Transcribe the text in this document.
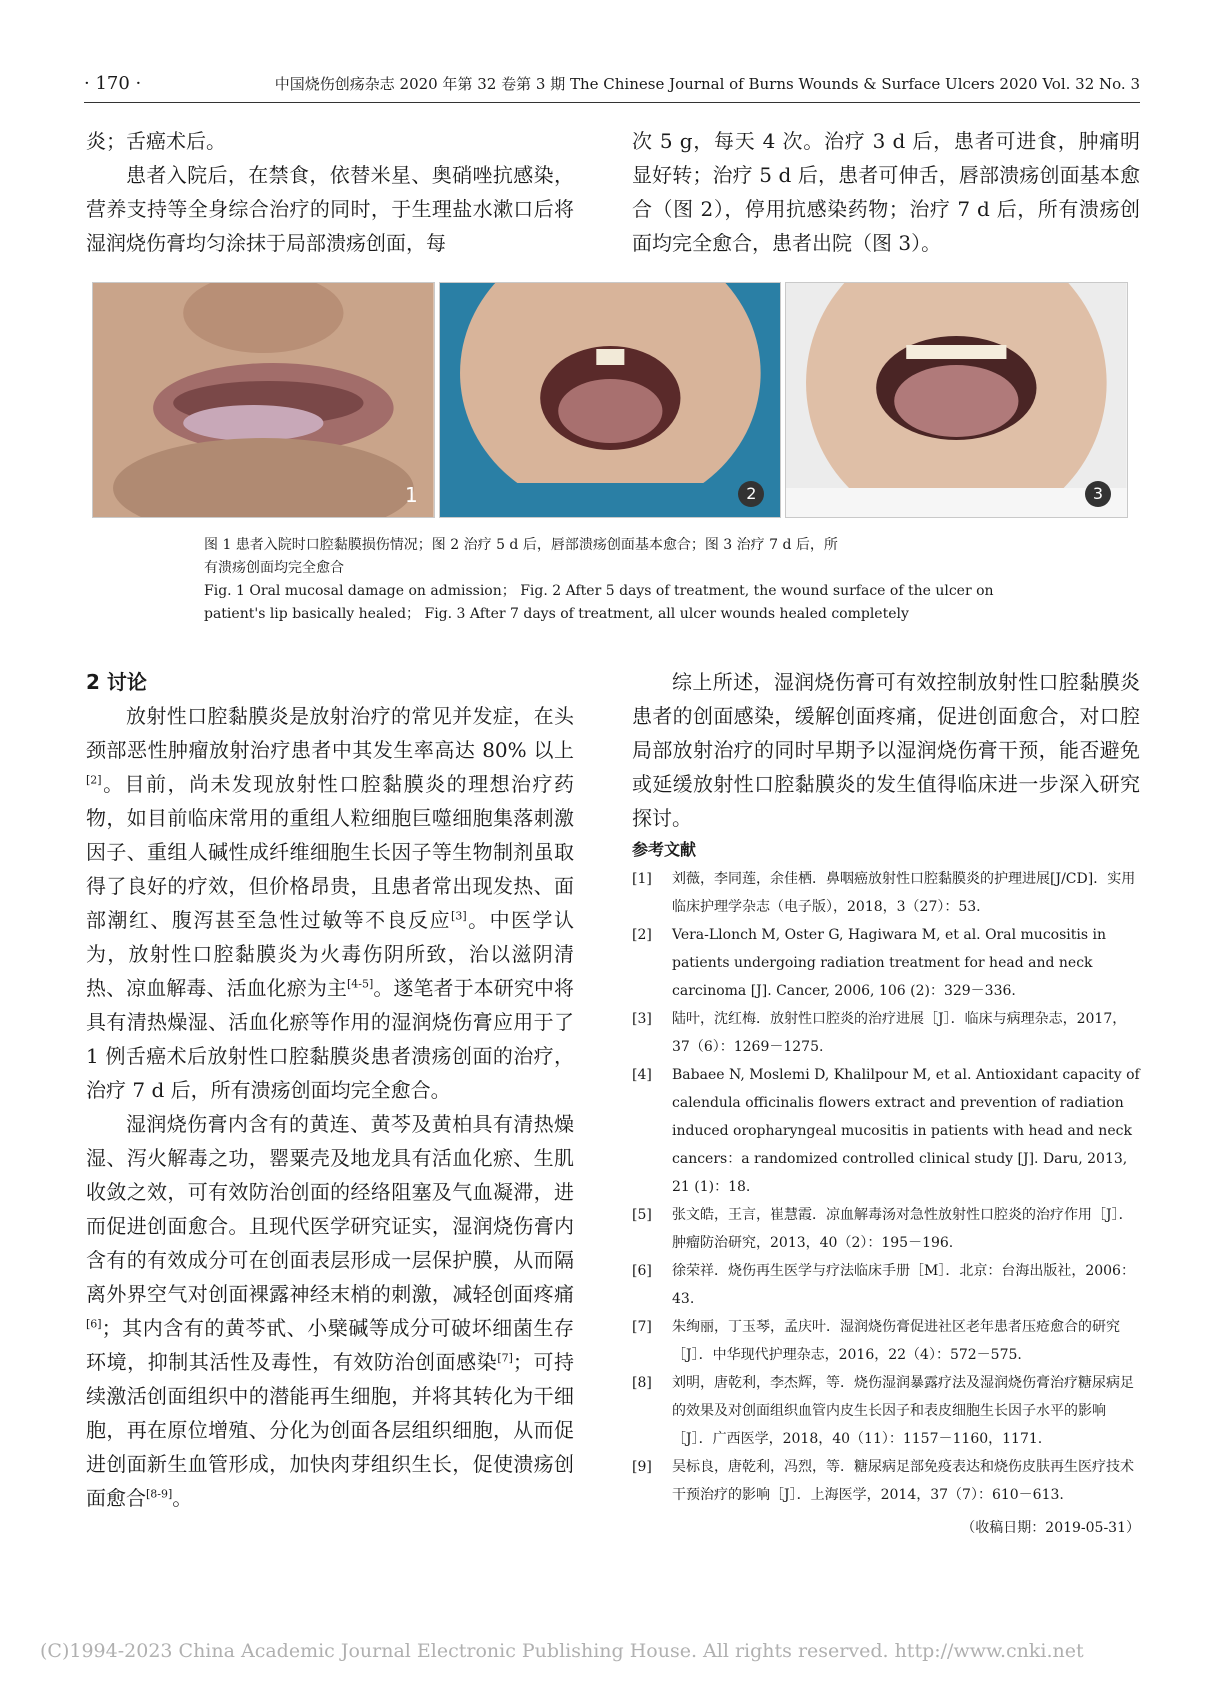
· 170 ·	中国烧伤创疡杂志 2020 年第 32 卷第 3 期 The Chinese Journal of Burns Wounds & Surface Ulcers 2020 Vol. 32 No. 3

炎；舌癌术后。

患者入院后，在禁食，依替米星、奥硝唑抗感染，营养支持等全身综合治疗的同时，于生理盐水漱口后将湿润烧伤膏均匀涂抹于局部溃疡创面，每

次 5 g，每天 4 次。治疗 3 d 后，患者可进食，肿痛明显好转；治疗 5 d 后，患者可伸舌，唇部溃疡创面基本愈合（图 2），停用抗感染药物；治疗 7 d 后，所有溃疡创面均完全愈合，患者出院（图 3）。

1	2	3

图 1 患者入院时口腔黏膜损伤情况；图 2 治疗 5 d 后，唇部溃疡创面基本愈合；图 3 治疗 7 d 后，所

有溃疡创面均完全愈合

Fig. 1 Oral mucosal damage on admission； Fig. 2 After 5 days of treatment, the wound surface of the ulcer on

patient's lip basically healed； Fig. 3 After 7 days of treatment, all ulcer wounds healed completely

2 讨论

放射性口腔黏膜炎是放射治疗的常见并发症，在头颈部恶性肿瘤放射治疗患者中其发生率高达 80% 以上[2]。目前，尚未发现放射性口腔黏膜炎的理想治疗药物，如目前临床常用的重组人粒细胞巨噬细胞集落刺激因子、重组人碱性成纤维细胞生长因子等生物制剂虽取得了良好的疗效，但价格昂贵，且患者常出现发热、面部潮红、腹泻甚至急性过敏等不良反应[3]。中医学认为，放射性口腔黏膜炎为火毒伤阴所致，治以滋阴清热、凉血解毒、活血化瘀为主[4-5]。遂笔者于本研究中将具有清热燥湿、活血化瘀等作用的湿润烧伤膏应用于了 1 例舌癌术后放射性口腔黏膜炎患者溃疡创面的治疗，治疗 7 d 后，所有溃疡创面均完全愈合。

湿润烧伤膏内含有的黄连、黄芩及黄柏具有清热燥湿、泻火解毒之功，罂粟壳及地龙具有活血化瘀、生肌收敛之效，可有效防治创面的经络阻塞及气血凝滞，进而促进创面愈合。且现代医学研究证实，湿润烧伤膏内含有的有效成分可在创面表层形成一层保护膜，从而隔离外界空气对创面裸露神经末梢的刺激，减轻创面疼痛[6]；其内含有的黄芩甙、小檗碱等成分可破坏细菌生存环境，抑制其活性及毒性，有效防治创面感染[7]；可持续激活创面组织中的潜能再生细胞，并将其转化为干细胞，再在原位增殖、分化为创面各层组织细胞，从而促进创面新生血管形成，加快肉芽组织生长，促使溃疡创面愈合[8-9]。

综上所述，湿润烧伤膏可有效控制放射性口腔黏膜炎患者的创面感染，缓解创面疼痛，促进创面愈合，对口腔局部放射治疗的同时早期予以湿润烧伤膏干预，能否避免或延缓放射性口腔黏膜炎的发生值得临床进一步深入研究探讨。

参考文献
[1]	刘薇，李同莲，余佳栖．鼻咽癌放射性口腔黏膜炎的护理进展[J/CD]．实用临床护理学杂志（电子版），2018，3（27）：53.
[2]	Vera-Llonch M, Oster G, Hagiwara M, et al. Oral mucositis in patients undergoing radiation treatment for head and neck carcinoma [J]. Cancer, 2006, 106 (2)：329－336.
[3]	陆叶，沈红梅．放射性口腔炎的治疗进展［J］．临床与病理杂志，2017，37（6）：1269－1275.
[4]	Babaee N, Moslemi D, Khalilpour M, et al. Antioxidant capacity of calendula officinalis flowers extract and prevention of radiation induced oropharyngeal mucositis in patients with head and neck cancers：a randomized controlled clinical study [J]. Daru, 2013, 21 (1)：18.
[5]	张文皓，王言，崔慧霞．凉血解毒汤对急性放射性口腔炎的治疗作用［J］．肿瘤防治研究，2013，40（2）：195－196.
[6]	徐荣祥．烧伤再生医学与疗法临床手册［M］．北京：台海出版社，2006：43.
[7]	朱绚丽，丁玉琴，孟庆叶．湿润烧伤膏促进社区老年患者压疮愈合的研究［J］．中华现代护理杂志，2016，22（4）：572－575.
[8]	刘明，唐乾利，李杰辉，等．烧伤湿润暴露疗法及湿润烧伤膏治疗糖尿病足的效果及对创面组织血管内皮生长因子和表皮细胞生长因子水平的影响［J］．广西医学，2018，40（11）：1157－1160，1171.
[9]	吴标良，唐乾利，冯烈，等．糖尿病足部免疫表达和烧伤皮肤再生医疗技术干预治疗的影响［J］．上海医学，2014，37（7）：610－613.
（收稿日期：2019-05-31）
(C)1994-2023 China Academic Journal Electronic Publishing House. All rights reserved. http://www.cnki.net
